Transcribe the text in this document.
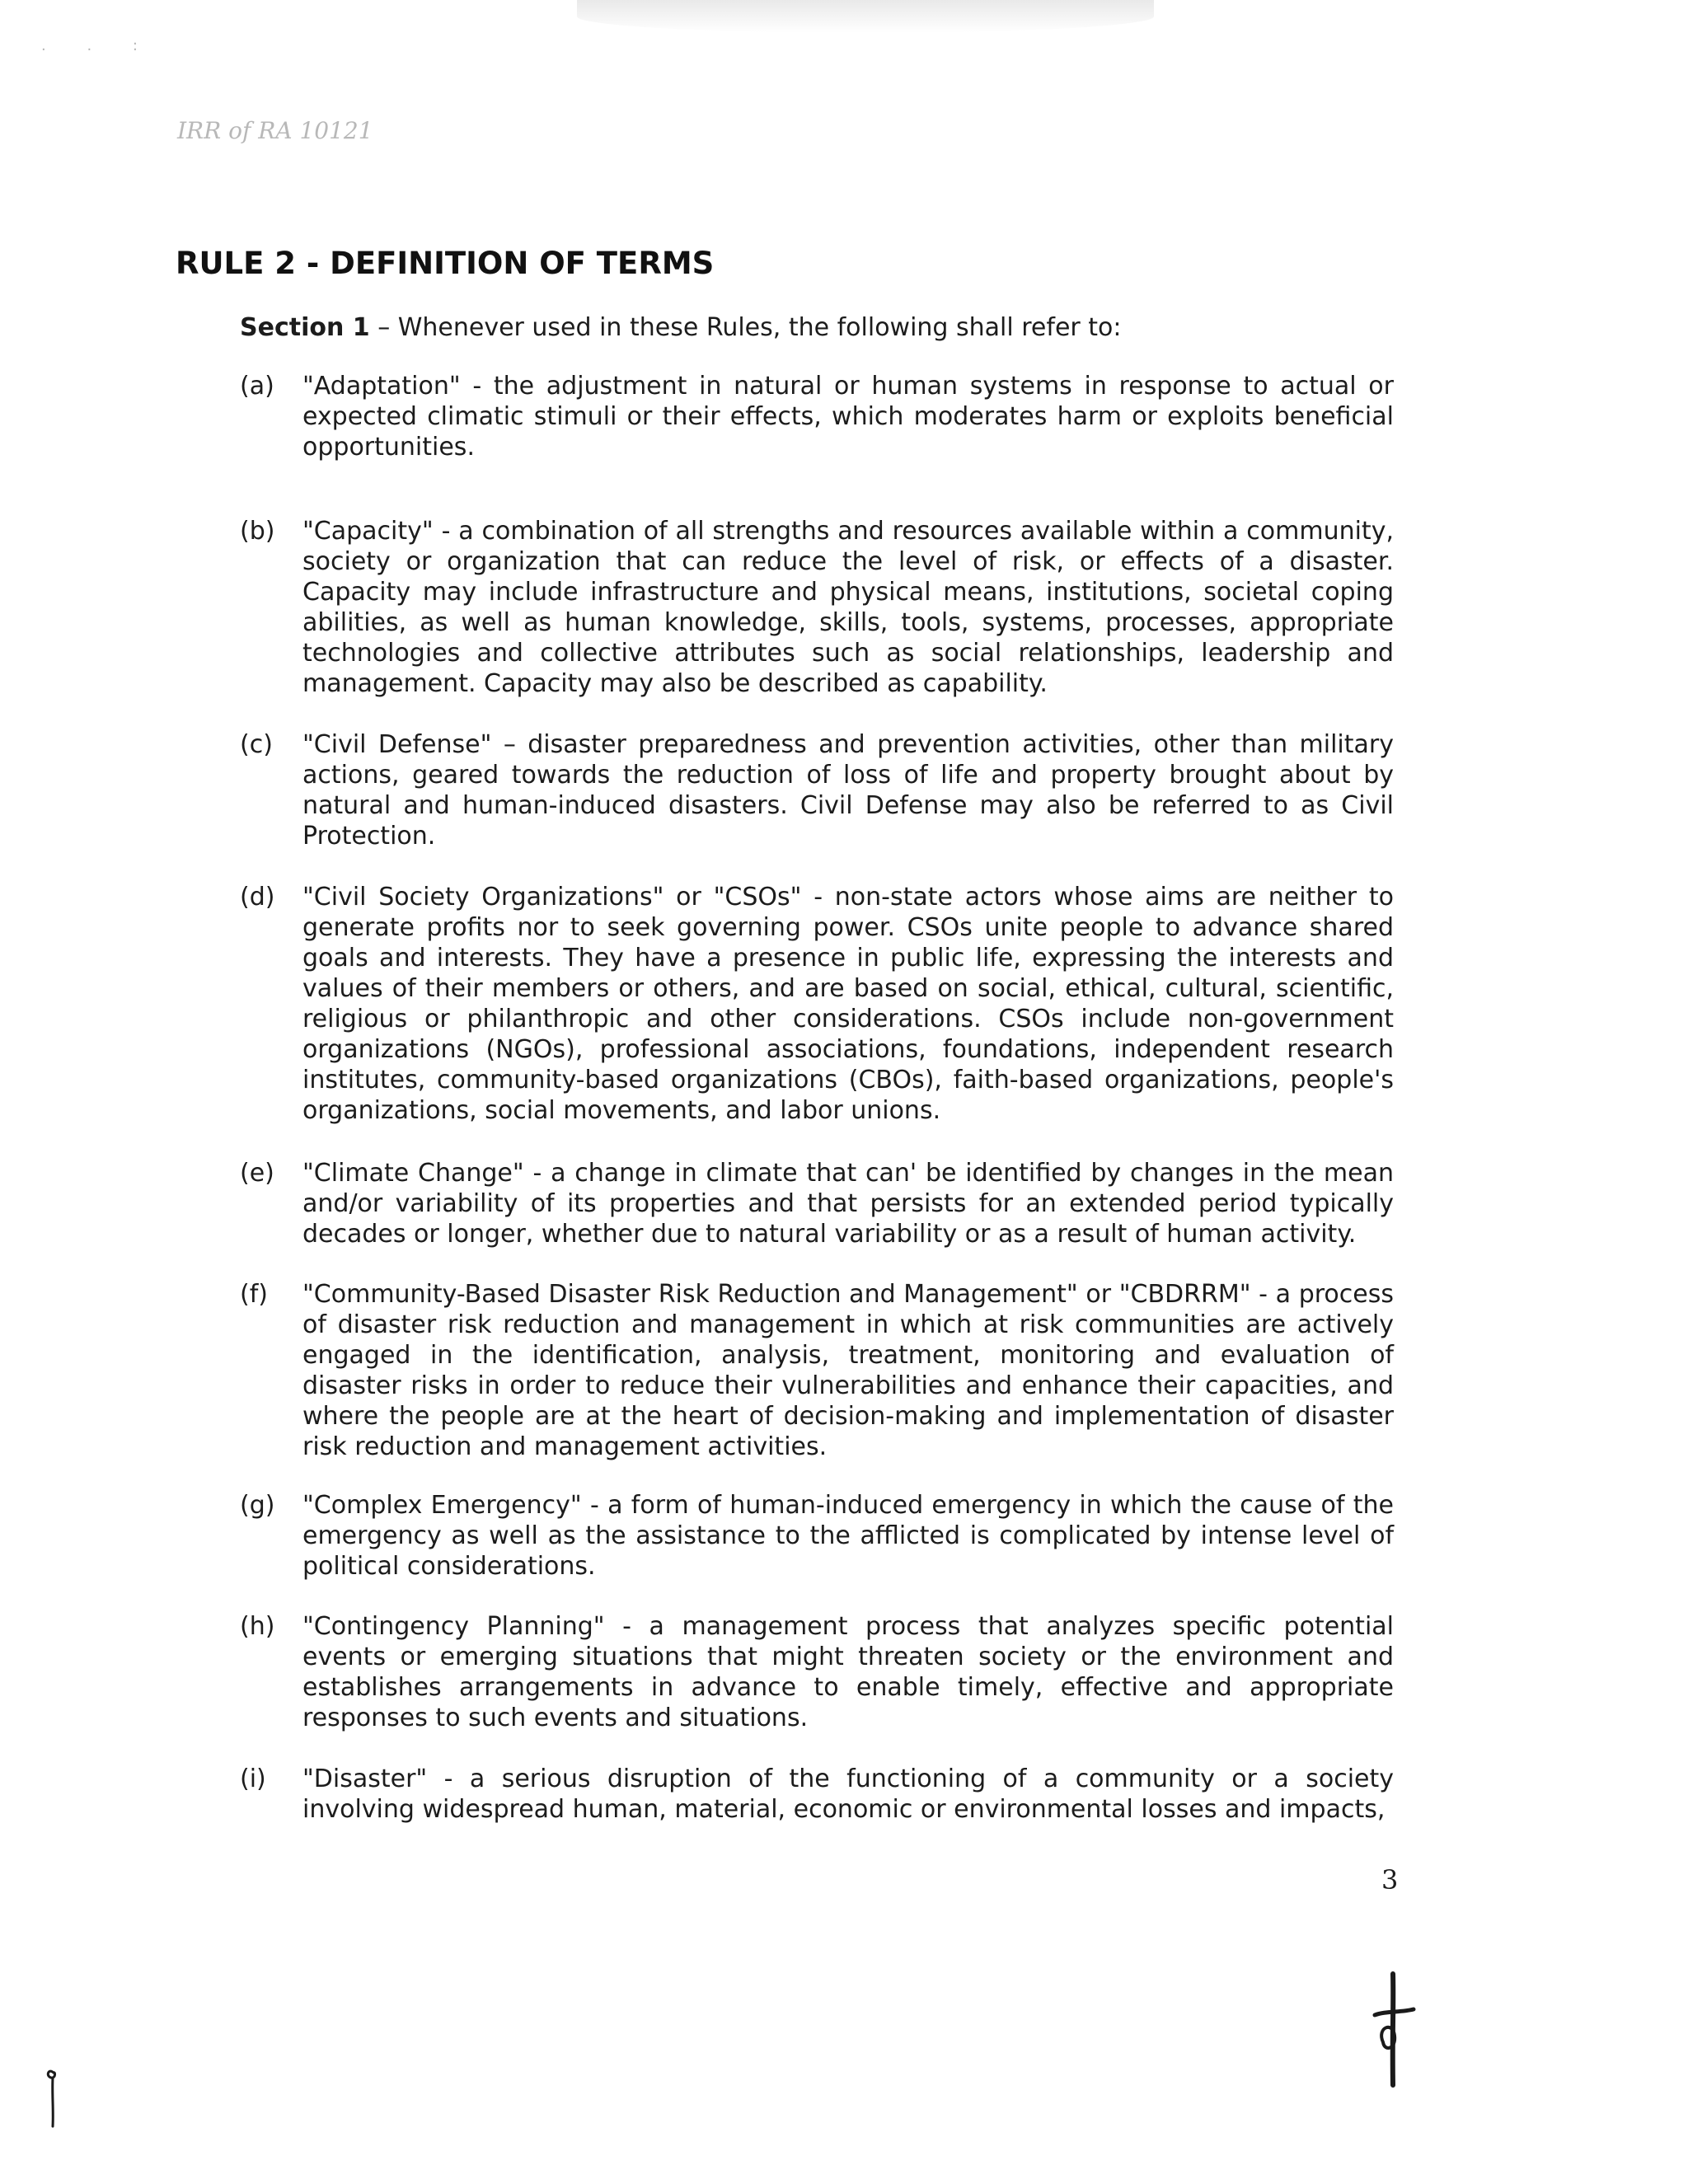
. . :
IRR of RA 10121
RULE 2 - DEFINITION OF TERMS

Section 1 – Whenever used in these Rules, the following shall refer to:

(a)	"Adaptation" - the adjustment in natural or human systems in response to actual or expected climatic stimuli or their effects, which moderates harm or exploits beneficial opportunities.
(b)	"Capacity" - a combination of all strengths and resources available within a community, society or organization that can reduce the level of risk, or effects of a disaster. Capacity may include infrastructure and physical means, institutions, societal coping abilities, as well as human knowledge, skills, tools, systems, processes, appropriate technologies and collective attributes such as social relationships, leadership and management. Capacity may also be described as capability.
(c)	"Civil Defense" – disaster preparedness and prevention activities, other than military actions, geared towards the reduction of loss of life and property brought about by natural and human-induced disasters. Civil Defense may also be referred to as Civil Protection.
(d)	"Civil Society Organizations" or "CSOs" - non-state actors whose aims are neither to generate profits nor to seek governing power. CSOs unite people to advance shared goals and interests. They have a presence in public life, expressing the interests and values of their members or others, and are based on social, ethical, cultural, scientific, religious or philanthropic and other considerations. CSOs include non-government organizations (NGOs), professional associations, foundations, independent research institutes, community-based organizations (CBOs), faith-based organizations, people's organizations, social movements, and labor unions.
(e)	"Climate Change" - a change in climate that can' be identified by changes in the mean and/or variability of its properties and that persists for an extended period typically decades or longer, whether due to natural variability or as a result of human activity.
(f)	"Community-Based Disaster Risk Reduction and Management" or "CBDRRM" - a process of disaster risk reduction and management in which at risk communities are actively engaged in the identification, analysis, treatment, monitoring and evaluation of disaster risks in order to reduce their vulnerabilities and enhance their capacities, and where the people are at the heart of decision-making and implementation of disaster risk reduction and management activities.
(g)	"Complex Emergency" - a form of human-induced emergency in which the cause of the emergency as well as the assistance to the afflicted is complicated by intense level of political considerations.
(h)	"Contingency Planning" - a management process that analyzes specific potential events or emerging situations that might threaten society or the environment and establishes arrangements in advance to enable timely, effective and appropriate responses to such events and situations.
(i)	"Disaster" - a serious disruption of the functioning of a community or a society involving widespread human, material, economic or environmental losses and impacts,
3
